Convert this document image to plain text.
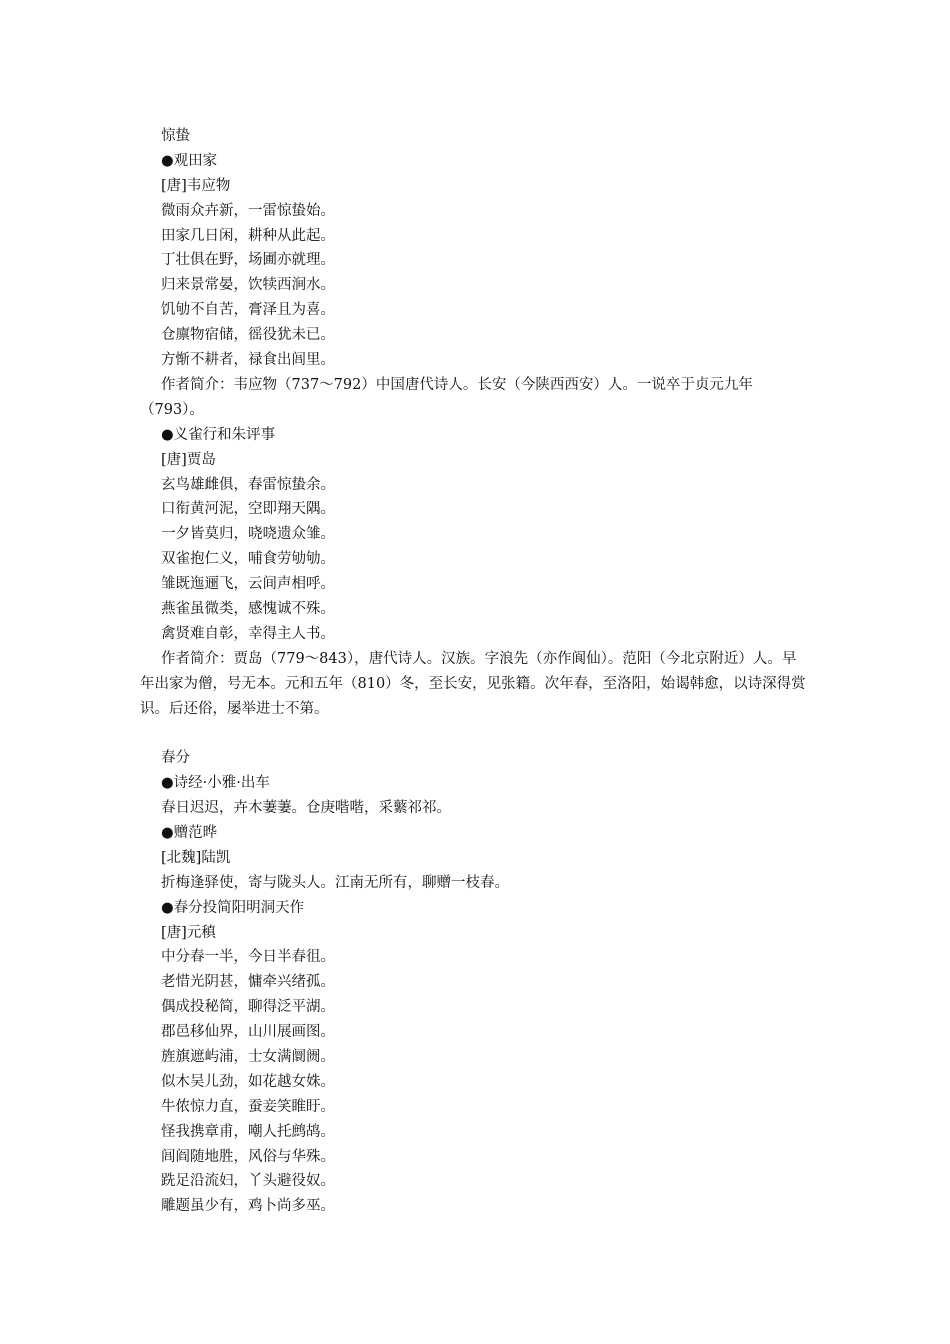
惊蛰
●观田家
[唐]韦应物
微雨众卉新，一雷惊蛰始。
田家几日闲，耕种从此起。
丁壮俱在野，场圃亦就理。
归来景常晏，饮犊西涧水。
饥劬不自苦，膏泽且为喜。
仓廪物宿储，徭役犹未已。
方惭不耕者，禄食出闾里。

作者简介：韦应物（737～792）中国唐代诗人。长安（今陕西西安）人。一说卒于贞元九年（793）。

●义雀行和朱评事
[唐]贾岛
玄鸟雄雌俱，春雷惊蛰余。
口衔黄河泥，空即翔天隅。
一夕皆莫归，哓哓遗众雏。
双雀抱仁义，哺食劳劬劬。
雏既迤逦飞，云间声相呼。
燕雀虽微类，感愧诚不殊。
禽贤难自彰，幸得主人书。

作者简介：贾岛（779～843），唐代诗人。汉族。字浪先（亦作阆仙）。范阳（今北京附近）人。早年出家为僧，号无本。元和五年（810）冬，至长安，见张籍。次年春，至洛阳，始谒韩愈，以诗深得赏识。后还俗，屡举进士不第。

春分
●诗经·小雅·出车
春日迟迟，卉木萋萋。仓庚喈喈，采蘩祁祁。
●赠范晔
[北魏]陆凯
折梅逢驿使，寄与陇头人。江南无所有，聊赠一枝春。
●春分投简阳明洞天作
[唐]元稹
中分春一半，今日半春徂。
老惜光阴甚，慵牵兴绪孤。
偶成投秘简，聊得泛平湖。
郡邑移仙界，山川展画图。
旌旗遮屿浦，士女满阛阓。
似木吴儿劲，如花越女姝。
牛侬惊力直，蚕妾笑睢盱。
怪我携章甫，嘲人托鹧鸪。
闾阎随地胜，风俗与华殊。
跣足沿流妇，丫头避役奴。
雕题虽少有，鸡卜尚多巫。
